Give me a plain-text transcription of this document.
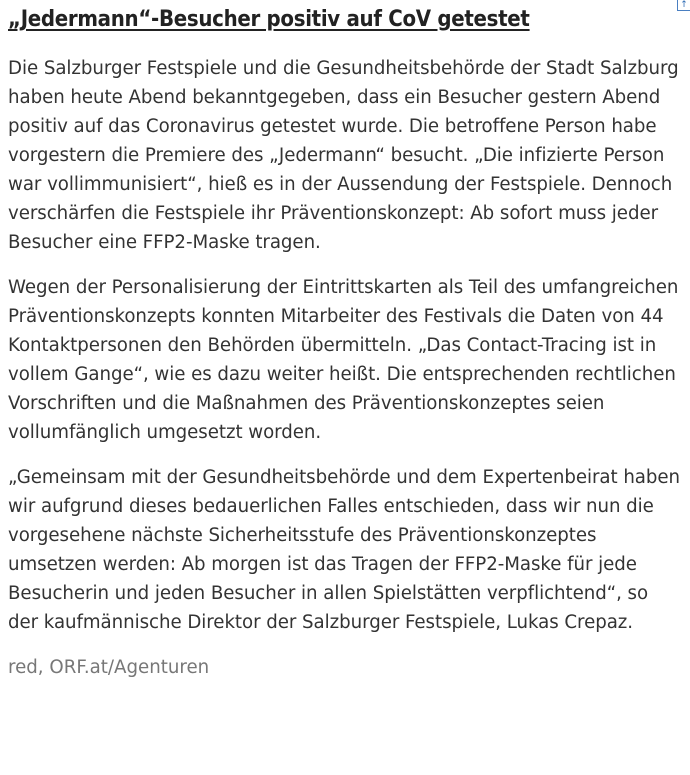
„Jedermann“-Besucher positiv auf CoV getestet

Die Salzburger Festspiele und die Gesundheitsbehörde der Stadt Salzburg haben heute Abend bekanntgegeben, dass ein Besucher gestern Abend positiv auf das Coronavirus getestet wurde. Die betroffene Person habe vorgestern die Premiere des „Jedermann“ besucht. „Die infizierte Person war vollimmunisiert“, hieß es in der Aussendung der Festspiele. Dennoch verschärfen die Festspiele ihr Präventionskonzept: Ab sofort muss jeder Besucher eine FFP2-Maske tragen.

Wegen der Personalisierung der Eintrittskarten als Teil des umfangreichen Präventionskonzepts konnten Mitarbeiter des Festivals die Daten von 44 Kontaktpersonen den Behörden übermitteln. „Das Contact-Tracing ist in vollem Gange“, wie es dazu weiter heißt. Die entsprechenden rechtlichen Vorschriften und die Maßnahmen des Präventionskonzeptes seien vollumfänglich umgesetzt worden.

„Gemeinsam mit der Gesundheitsbehörde und dem Expertenbeirat haben wir aufgrund dieses bedauerlichen Falles entschieden, dass wir nun die vorgesehene nächste Sicherheitsstufe des Präventionskonzeptes umsetzen werden: Ab morgen ist das Tragen der FFP2-Maske für jede Besucherin und jeden Besucher in allen Spielstätten verpflichtend“, so der kaufmännische Direktor der Salzburger Festspiele, Lukas Crepaz.

red, ORF.at/Agenturen

↑
